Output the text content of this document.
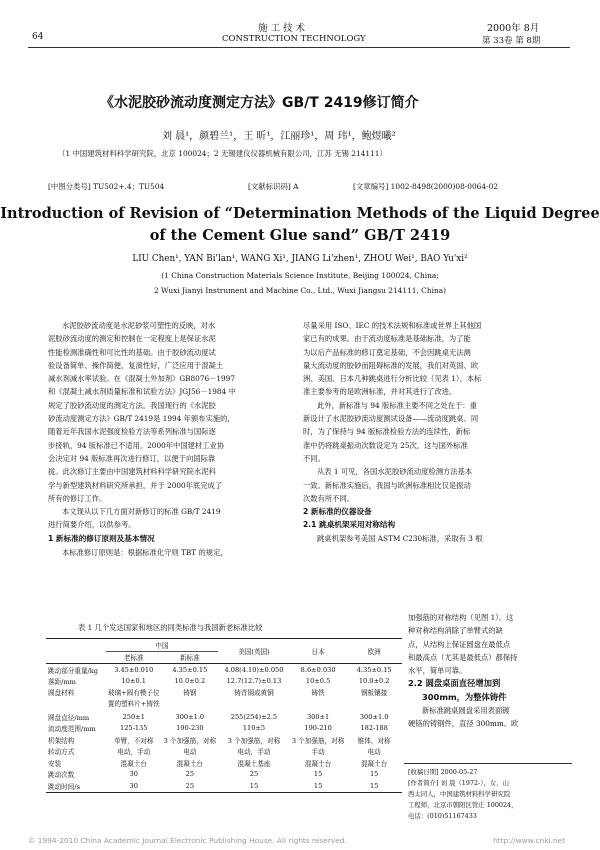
64
施 工 技 术
CONSTRUCTION TECHNOLOGY
2000年 8月
第 33卷 第 8期
《水泥胶砂流动度测定方法》GB/T 2419修订简介
刘 晨¹，颜碧兰¹，王 昕¹，江丽珍¹，周 玮¹，鲍煜曦²
（1 中国建筑材料科学研究院，北京 100024；2 无锡建仪仪器机械有限公司，江苏 无锡 214111）
[中图分类号] TU502+.4；TU504	[文献标识码] A	[文章编号] 1002-8498(2000)08-0064-02
Introduction of Revision of “Determination Methods of the Liquid Degree
of the Cement Glue sand” GB/T 2419
LIU Chen¹, YAN Bi'lan¹, WANG Xi¹, JIANG Li'zhen¹, ZHOU Wei¹, BAO Yu'xi²
(1 China Construction Materials Science Institute, Beijing 100024, China;
2 Wuxi Jianyi Instrument and Machine Co., Ltd., Wuxi Jiangsu 214111, China)

水泥胶砂流动度是水泥砂浆可塑性的反映，对水

泥胶砂流动度的测定和控制在一定程度上是保证水泥

性能检测准确性和可比性的基础。由于胶砂流动度试

验设备简单、操作简便、复演性好，广泛应用于混凝土

减水剂减水率试验。在《混凝土外加剂》GB8076－1997

和《混凝土减水剂质量标准和试验方法》JGJ56－1984 中

规定了胶砂流动度的测定方法。我国现行的《水泥胶

砂流动度测定方法》GB/T 2419是 1994 年颁布实施的，

随着近年我国水泥强度检验方法等系列标准与国际逐

步接轨，94 版标准已不适用。2000年中国建材工业协

会决定对 94 版标准再次进行修订，以便于向国际靠

拢。此次修订主要由中国建筑材料科学研究院水泥科

学与新型建筑材料研究所承担，并于 2000年底完成了

所有的修订工作。

本文现从以下几方面对新修订的标准 GB/T 2419

进行简要介绍，以供参考。

1 新标准的修订原则及基本情况

本标准修订原则是：根据标准化守则 TBT 的规定，

尽量采用 ISO、IEC 的技术法规和标准或世界上其他国

家已有的成果。由于流动度标准是基础标准，为了能

为以后产品标准的修订奠定基础，不会因跳桌无法测

量大流动度的胶砂而阻碍标准的发展，我们对英国、欧

洲、美国、日本几种跳桌进行分析比较（见表 1）。本标

准主要参考的是欧洲标准，并对其进行了改进。

此外，新标准与 94 版标准主要不同之处在于：重

新设计了水泥胶砂流动度测试设备——流动度跳桌。同

时，为了保持与 94 版标准检验方法的连续性，新标

准中仍将跳桌振动次数设定为 25次，这与国外标准

不同。

从表 1 可见，各国水泥胶砂流动度检测方法基本

一致。新标准实施后，我国与欧洲标准相比仅是振动

次数有所不同。

2 新标准的仪器设备

2.1 跳桌机架采用对称结构

跳桌机架参考美国 ASTM C230标准，采取有 3 根

加强筋的对称结构（见图 1）。这

种对称结构消除了单臂式的缺

点，从结构上保证圆盘在最低点

和最高点（尤其是最低点）都保持

水平，简单可靠。

2.2 圆盘桌面直径增加到

300mm，为整体铸件

新标准跳桌圆盘采用表面镀

硬铬的铸钢件，直径 300mm。欧

[收稿日期] 2000-05-27
[作者简介] 刘 晨（1972-），女，山
西太同人，中国建筑材料科学研究院
工程师，北京市朝阳区管庄 100024，
电话：(010)51167433
表 1 几个发达国家和地区的同类标准与我国新老标准比较
	中国		美国(英国)	日本	欧洲
	老标准	新标准			
跳动部分重量/kg	3.45±0.010	4.35±0.15	4.08(4.10)±0.050	8.6±0.030	4.35±0.15
落距/mm	10±0.1	10.0±0.2	12.7(12.7)±0.13	10±0.5	10.0±0.2
圆盘材料	玻璃+圆有模子位置的塑料片+铸铁	铸钢	铸青铜或黄铜	铸铁	钢板镶接
圆盘直径/mm	250±1	300±1.0	255(254)±2.5	300±1	300±1.0
流动度范围/mm	125-135	190-230	110±5	190-210	182-188
机架结构	单臂，不对称	3 个加强筋，对称	3 个加强筋，对称	3 个加强筋，对称	锥体，对称
转动方式	电动，手动	电动	电动，手动	手动	电动
安装	混凝土台	混凝土台	混凝土基座	混凝土台	混凝土台
跳动次数	30	25	25	15	15
跳动时间/s	30	25	15	15	15
© 1994-2010 China Academic Journal Electronic Publishing House. All rights reserved.	http://www.cnki.net
